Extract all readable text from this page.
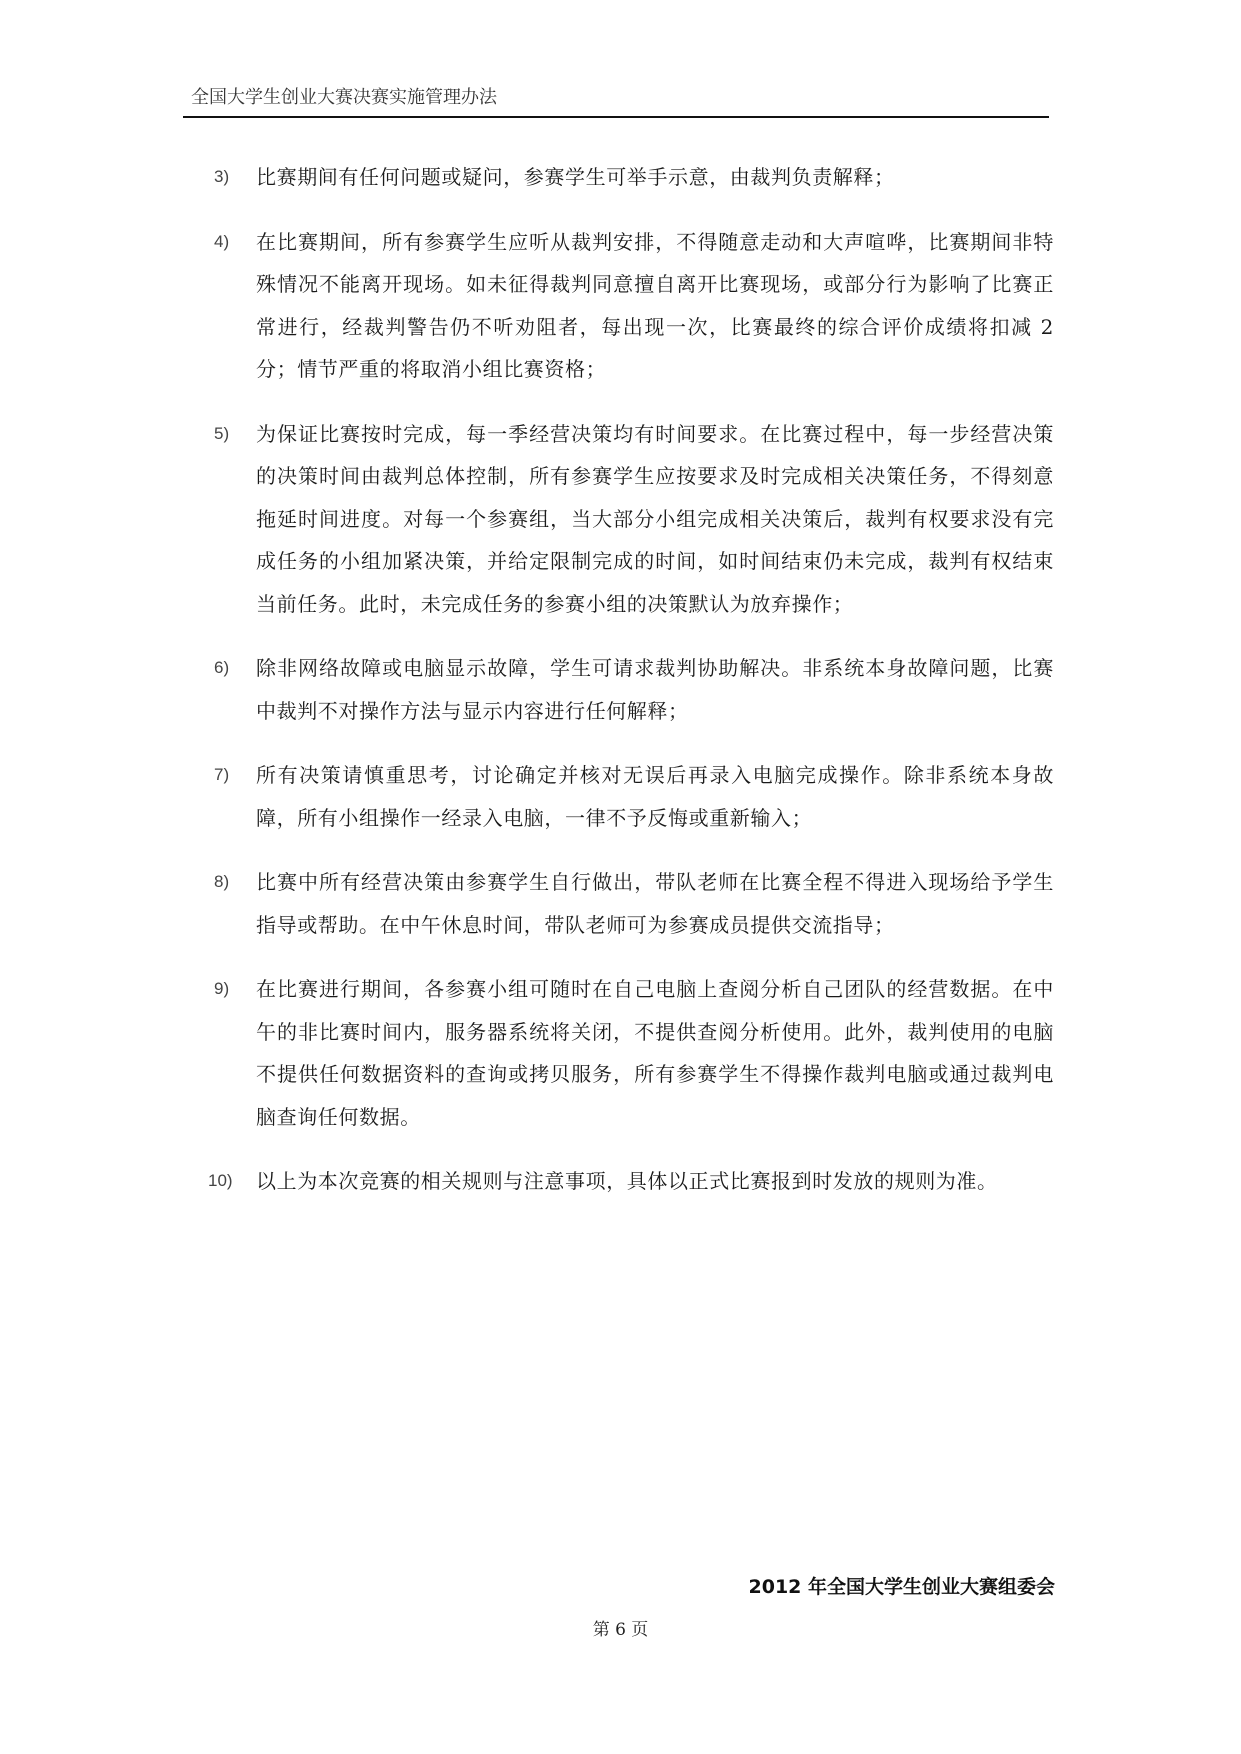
全国大学生创业大赛决赛实施管理办法
3) 比赛期间有任何问题或疑问，参赛学生可举手示意，由裁判负责解释；
4) 在比赛期间，所有参赛学生应听从裁判安排，不得随意走动和大声喧哗，比赛期间非特殊情况不能离开现场。如未征得裁判同意擅自离开比赛现场，或部分行为影响了比赛正常进行，经裁判警告仍不听劝阻者，每出现一次，比赛最终的综合评价成绩将扣减 2 分；情节严重的将取消小组比赛资格；
5) 为保证比赛按时完成，每一季经营决策均有时间要求。在比赛过程中，每一步经营决策的决策时间由裁判总体控制，所有参赛学生应按要求及时完成相关决策任务，不得刻意拖延时间进度。对每一个参赛组，当大部分小组完成相关决策后，裁判有权要求没有完成任务的小组加紧决策，并给定限制完成的时间，如时间结束仍未完成，裁判有权结束当前任务。此时，未完成任务的参赛小组的决策默认为放弃操作；
6) 除非网络故障或电脑显示故障，学生可请求裁判协助解决。非系统本身故障问题，比赛中裁判不对操作方法与显示内容进行任何解释；
7) 所有决策请慎重思考，讨论确定并核对无误后再录入电脑完成操作。除非系统本身故障，所有小组操作一经录入电脑，一律不予反悔或重新输入；
8) 比赛中所有经营决策由参赛学生自行做出，带队老师在比赛全程不得进入现场给予学生指导或帮助。在中午休息时间，带队老师可为参赛成员提供交流指导；
9) 在比赛进行期间，各参赛小组可随时在自己电脑上查阅分析自己团队的经营数据。在中午的非比赛时间内，服务器系统将关闭，不提供查阅分析使用。此外，裁判使用的电脑不提供任何数据资料的查询或拷贝服务，所有参赛学生不得操作裁判电脑或通过裁判电脑查询任何数据。
10) 以上为本次竞赛的相关规则与注意事项，具体以正式比赛报到时发放的规则为准。
2012 年全国大学生创业大赛组委会
第 6 页
